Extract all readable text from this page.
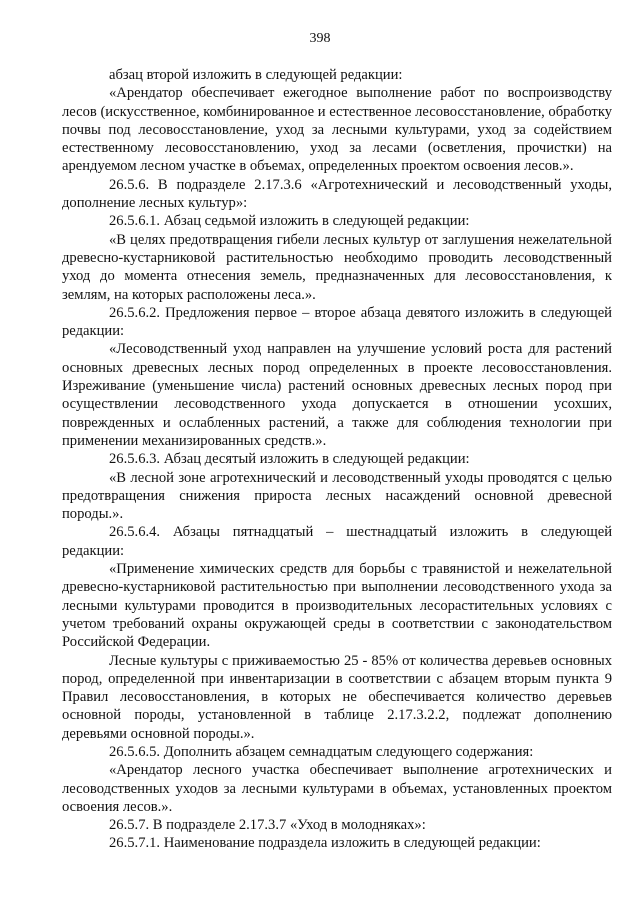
398

абзац второй изложить в следующей редакции:

«Арендатор обеспечивает ежегодное выполнение работ по воспроизводству лесов (искусственное, комбинированное и естественное лесовосстановление, обработку почвы под лесовосстановление, уход за лесными культурами, уход за содействием естественному лесовосстановлению, уход за лесами (осветления, прочистки) на арендуемом лесном участке в объемах, определенных проектом освоения лесов.».

26.5.6. В подразделе 2.17.3.6 «Агротехнический и лесоводственный уходы, дополнение лесных культур»:

26.5.6.1. Абзац седьмой изложить в следующей редакции:

«В целях предотвращения гибели лесных культур от заглушения нежелательной древесно-кустарниковой растительностью необходимо проводить лесоводственный уход до момента отнесения земель, предназначенных для лесовосстановления, к землям, на которых расположены леса.».

26.5.6.2. Предложения первое – второе абзаца девятого изложить в следующей редакции:

«Лесоводственный уход направлен на улучшение условий роста для растений основных древесных лесных пород определенных в проекте лесовосстановления. Изреживание (уменьшение числа) растений основных древесных лесных пород при осуществлении лесоводственного ухода допускается в отношении усохших, поврежденных и ослабленных растений, а также для соблюдения технологии при применении механизированных средств.».

26.5.6.3. Абзац десятый изложить в следующей редакции:

«В лесной зоне агротехнический и лесоводственный уходы проводятся с целью предотвращения снижения прироста лесных насаждений основной древесной породы.».

26.5.6.4. Абзацы пятнадцатый – шестнадцатый изложить в следующей редакции:

«Применение химических средств для борьбы с травянистой и нежелательной древесно-кустарниковой растительностью при выполнении лесоводственного ухода за лесными культурами проводится в производительных лесорастительных условиях с учетом требований охраны окружающей среды в соответствии с законодательством Российской Федерации.

Лесные культуры с приживаемостью 25 - 85% от количества деревьев основных пород, определенной при инвентаризации в соответствии с абзацем вторым пункта 9 Правил лесовосстановления, в которых не обеспечивается количество деревьев основной породы, установленной в таблице 2.17.3.2.2, подлежат дополнению деревьями основной породы.».

26.5.6.5. Дополнить абзацем семнадцатым следующего содержания:

«Арендатор лесного участка обеспечивает выполнение агротехнических и лесоводственных уходов за лесными культурами в объемах, установленных проектом освоения лесов.».

26.5.7. В подразделе 2.17.3.7 «Уход в молодняках»:

26.5.7.1. Наименование подраздела изложить в следующей редакции:
